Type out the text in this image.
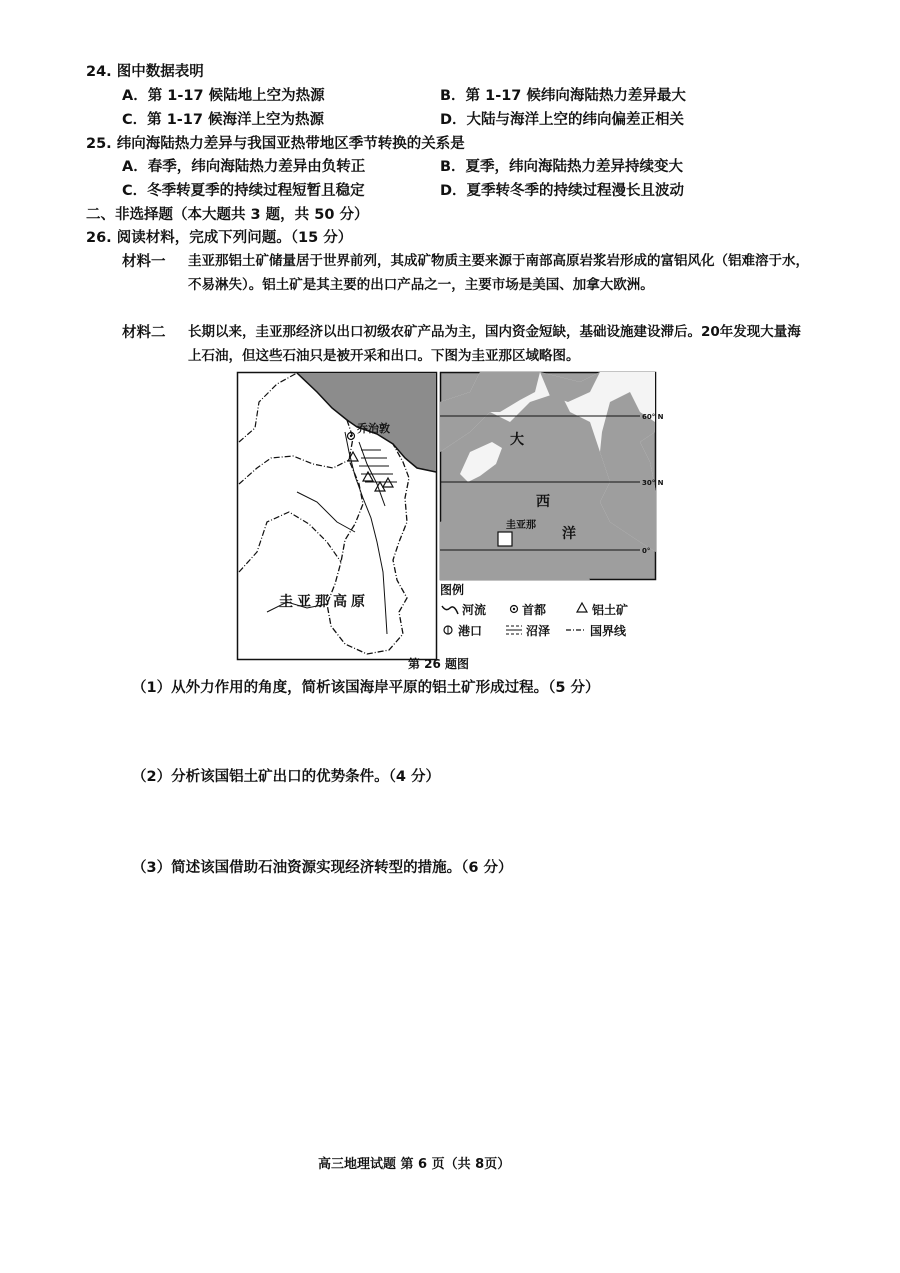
24. 图中数据表明
A．第 1-17 候陆地上空为热源	B．第 1-17 候纬向海陆热力差异最大
C．第 1-17 候海洋上空为热源	D．大陆与海洋上空的纬向偏差正相关
25. 纬向海陆热力差异与我国亚热带地区季节转换的关系是
A．春季，纬向海陆热力差异由负转正	B．夏季，纬向海陆热力差异持续变大
C．冬季转夏季的持续过程短暂且稳定	D．夏季转冬季的持续过程漫长且波动
二、非选择题（本大题共 3 题，共 50 分）
26. 阅读材料，完成下列问题。（15 分）
材料一 圭亚那铝土矿储量居于世界前列，其成矿物质主要来源于南部高原岩浆岩形成的富铝风化（铝难溶于水，不易淋失）。铝土矿是其主要的出口产品之一，主要市场是美国、加拿大欧洲。
材料二 长期以来，圭亚那经济以出口初级农矿产品为主，国内资金短缺，基础设施建设滞后。20年发现大量海上石油，但这些石油只是被开采和出口。下图为圭亚那区域略图。
乔治敦
圭亚那高原
60° N
30° N
0°
大
西
洋
圭亚那
图例
河流	首都	铝土矿
港口	沼泽	国界线
第 26 题图
（1）从外力作用的角度，简析该国海岸平原的铝土矿形成过程。（5 分）
（2）分析该国铝土矿出口的优势条件。（4 分）
（3）简述该国借助石油资源实现经济转型的措施。（6 分）
高三地理试题 第 6 页（共 8页）
